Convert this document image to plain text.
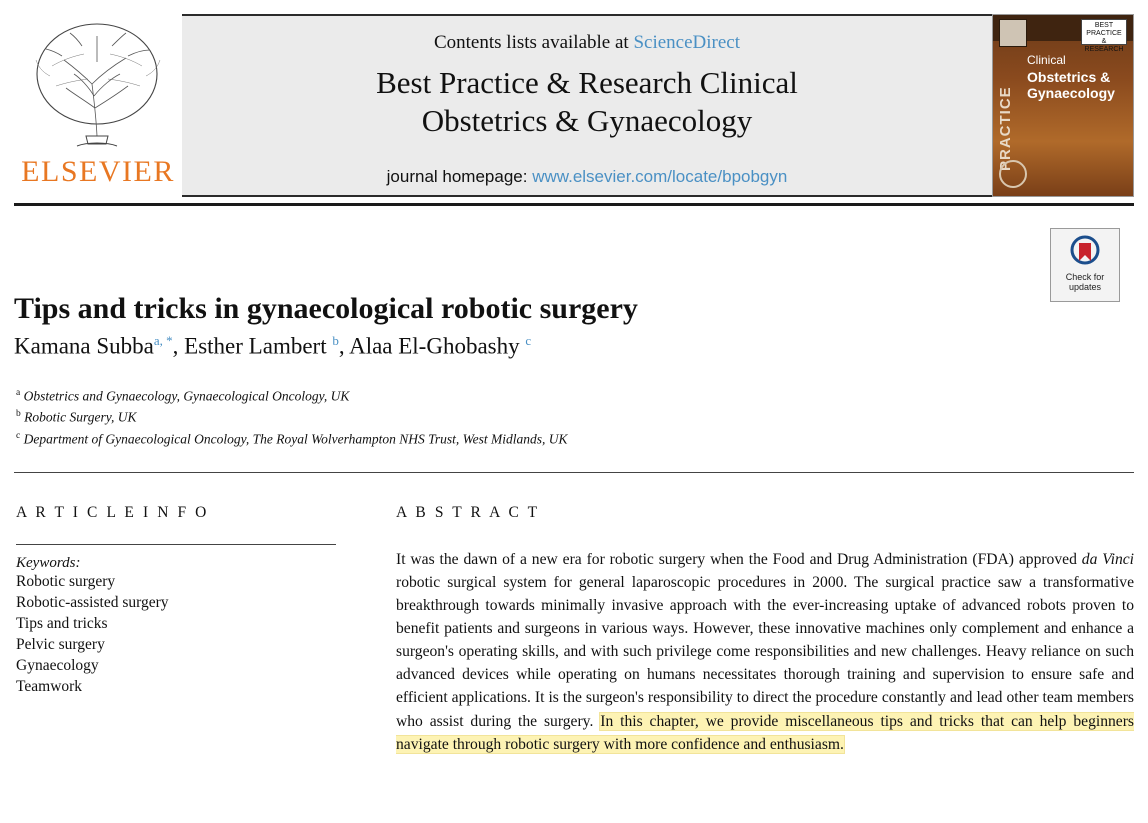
ELSEVIER
Contents lists available at ScienceDirect
Best Practice & Research Clinical
Obstetrics & Gynaecology
journal homepage: www.elsevier.com/locate/bpobgyn
BEST
PRACTICE
& RESEARCH
PRACTICE
Clinical
Obstetrics &
Gynaecology
Check for
updates
Tips and tricks in gynaecological robotic surgery
Kamana Subba$^{a, *}$, Esther Lambert $^b$, Alaa El-Ghobashy $^c$
$^a$ Obstetrics and Gynaecology, Gynaecological Oncology, UK
$^b$ Robotic Surgery, UK
$^c$ Department of Gynaecological Oncology, The Royal Wolverhampton NHS Trust, West Midlands, UK
A R T I C L E I N F O
Keywords:
Robotic surgery
Robotic-assisted surgery
Tips and tricks
Pelvic surgery
Gynaecology
Teamwork
A B S T R A C T

It was the dawn of a new era for robotic surgery when the Food and Drug Administration (FDA) approved da Vinci robotic surgical system for general laparoscopic procedures in 2000. The surgical practice saw a transformative breakthrough towards minimally invasive approach with the ever-increasing uptake of advanced robots proven to benefit patients and surgeons in various ways. However, these innovative machines only complement and enhance a surgeon's operating skills, and with such privilege come responsibilities and new challenges. Heavy reliance on such advanced devices while operating on humans necessitates thorough training and supervision to ensure safe and efficient applications. It is the surgeon's responsibility to direct the procedure constantly and lead other team members who assist during the surgery. In this chapter, we provide miscellaneous tips and tricks that can help beginners navigate through robotic surgery with more confidence and enthusiasm.
